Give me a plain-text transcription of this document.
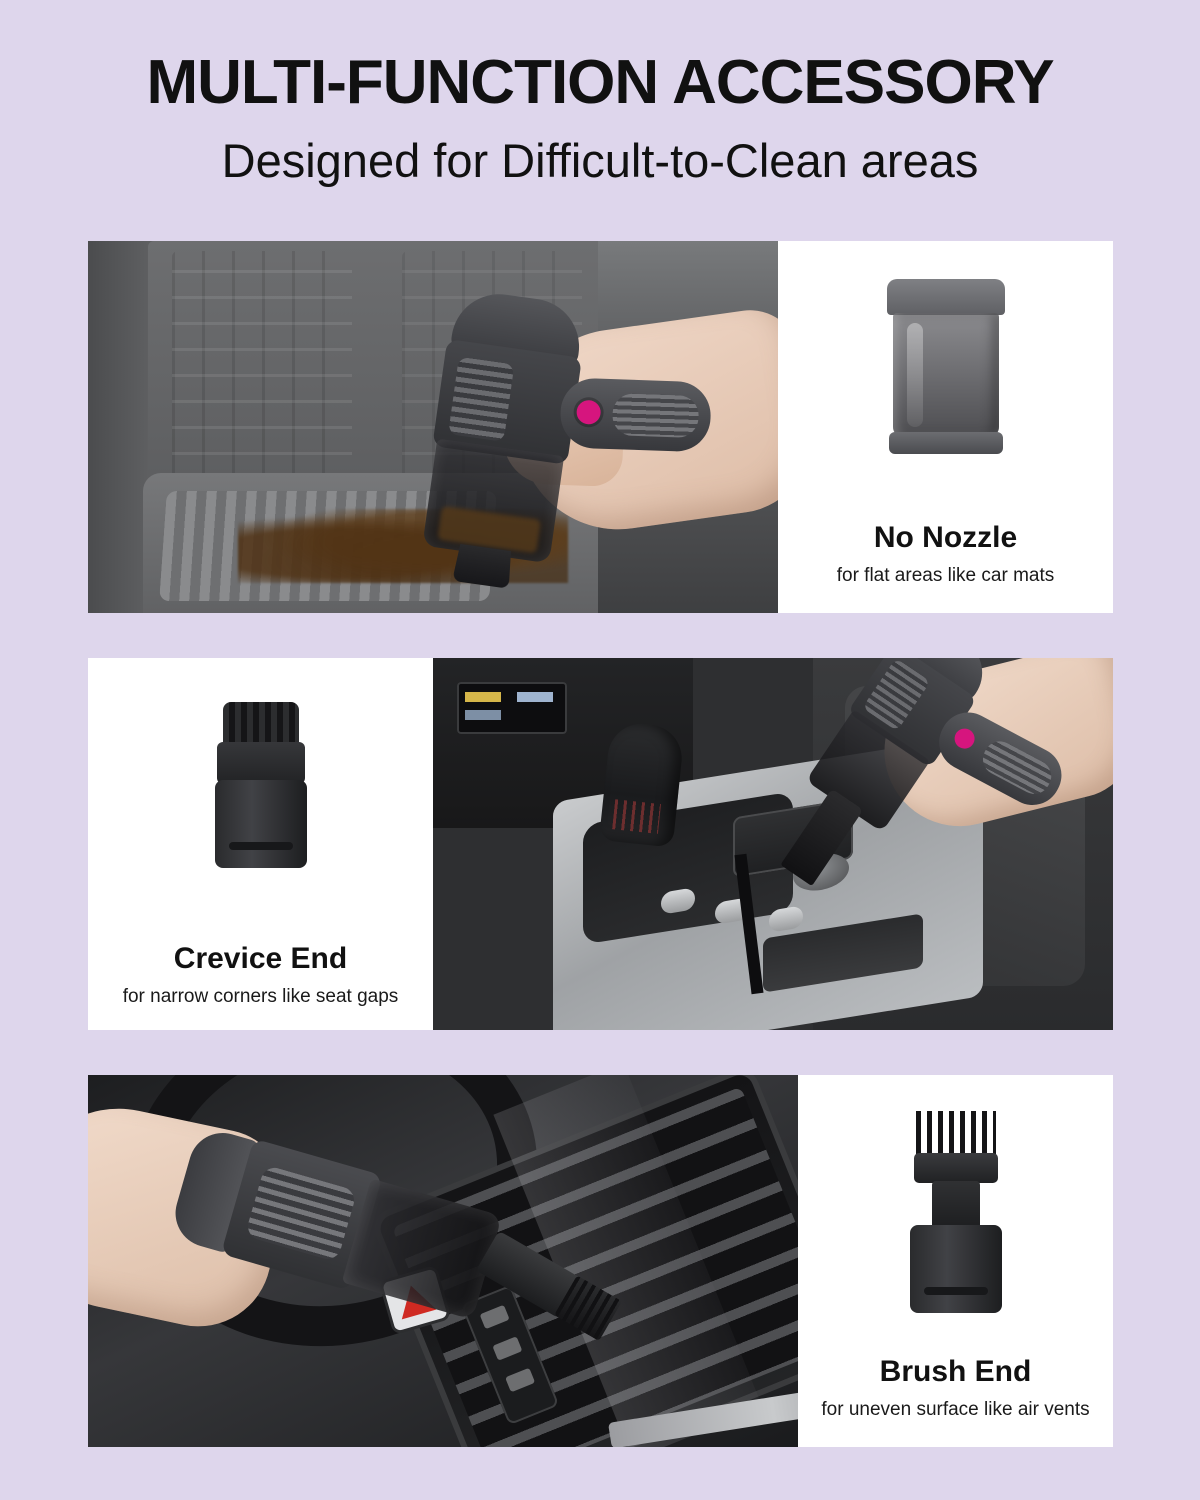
MULTI-FUNCTION ACCESSORY
Designed for Difficult-to-Clean areas

No Nozzle

for flat areas like car mats

Crevice End

for narrow corners like seat gaps

Brush End

for uneven surface like air vents
